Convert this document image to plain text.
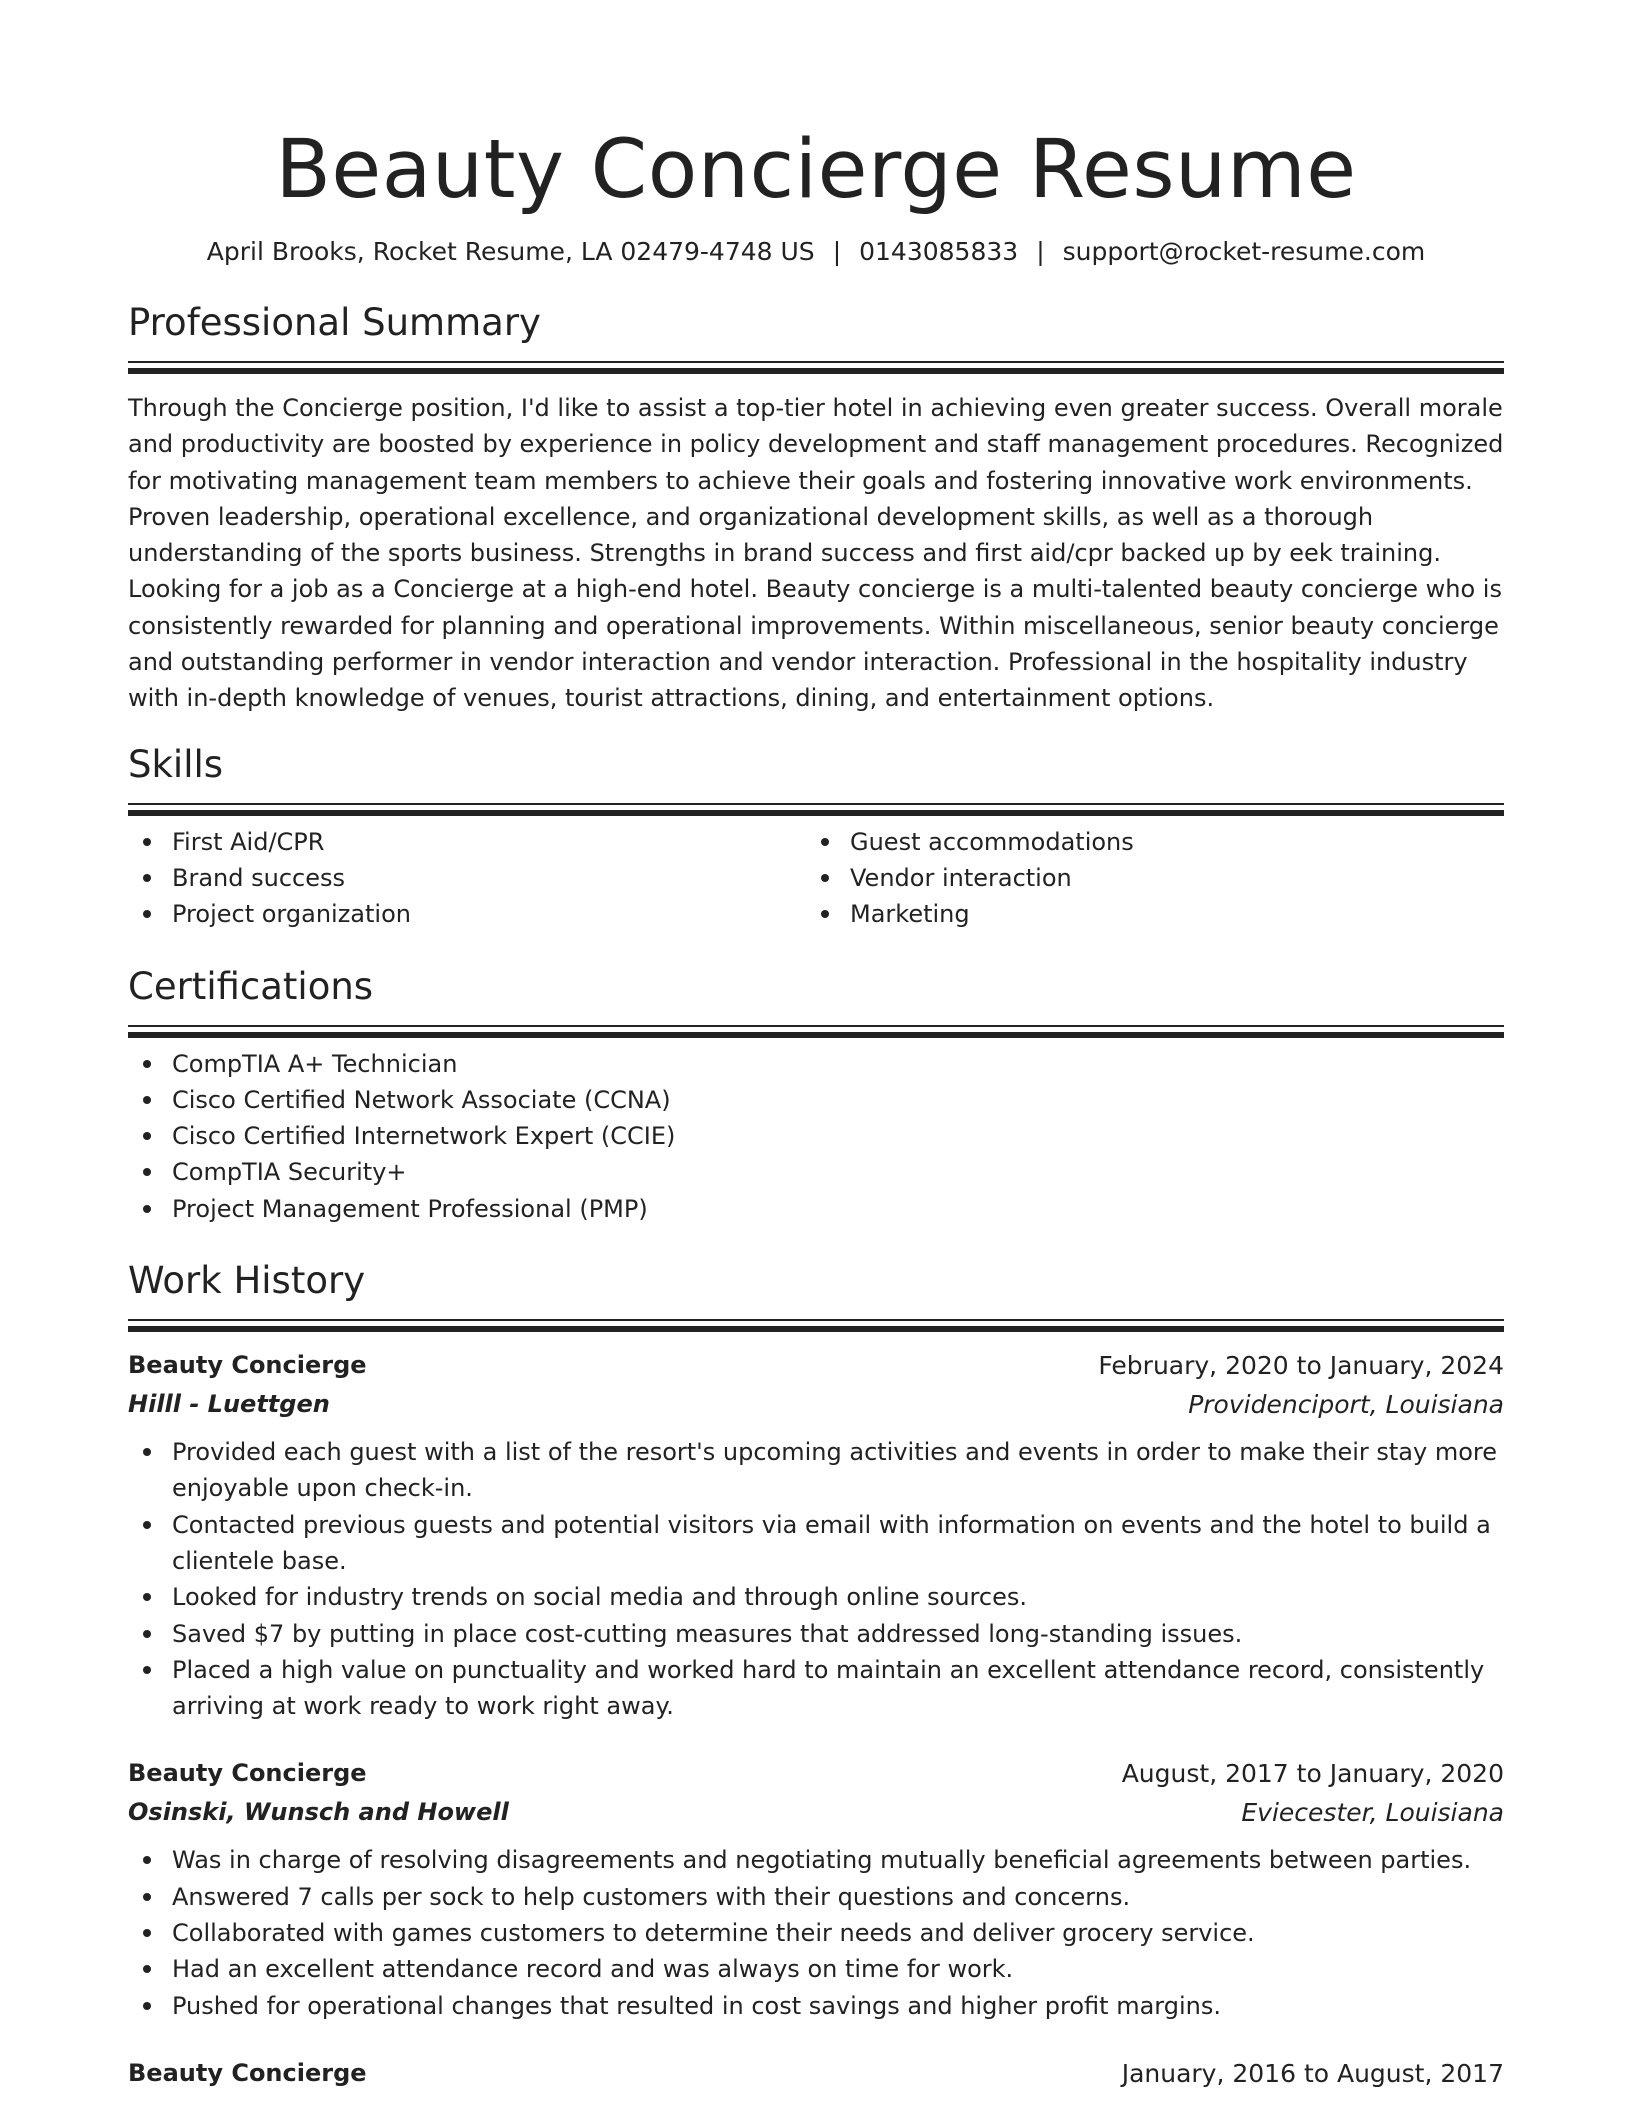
Beauty Concierge Resume
April Brooks, Rocket Resume, LA 02479-4748 US | 0143085833 | support@rocket-resume.com
Professional Summary

Through the Concierge position, I'd like to assist a top-tier hotel in achieving even greater success. Overall morale and productivity are boosted by experience in policy development and staff management procedures. Recognized for motivating management team members to achieve their goals and fostering innovative work environments. Proven leadership, operational excellence, and organizational development skills, as well as a thorough understanding of the sports business. Strengths in brand success and first aid/cpr backed up by eek training. Looking for a job as a Concierge at a high-end hotel. Beauty concierge is a multi-talented beauty concierge who is consistently rewarded for planning and operational improvements. Within miscellaneous, senior beauty concierge and outstanding performer in vendor interaction and vendor interaction. Professional in the hospitality industry with in-depth knowledge of venues, tourist attractions, dining, and entertainment options.

Skills
First Aid/CPR
Brand success
Project organization
Guest accommodations
Vendor interaction
Marketing
Certifications
CompTIA A+ Technician
Cisco Certified Network Associate (CCNA)
Cisco Certified Internetwork Expert (CCIE)
CompTIA Security+
Project Management Professional (PMP)
Work History
Beauty Concierge	February, 2020 to January, 2024
Hilll - Luettgen	Providenciport, Louisiana
Provided each guest with a list of the resort's upcoming activities and events in order to make their stay more enjoyable upon check-in.
Contacted previous guests and potential visitors via email with information on events and the hotel to build a clientele base.
Looked for industry trends on social media and through online sources.
Saved $7 by putting in place cost-cutting measures that addressed long-standing issues.
Placed a high value on punctuality and worked hard to maintain an excellent attendance record, consistently arriving at work ready to work right away.
Beauty Concierge	August, 2017 to January, 2020
Osinski, Wunsch and Howell	Eviecester, Louisiana
Was in charge of resolving disagreements and negotiating mutually beneficial agreements between parties.
Answered 7 calls per sock to help customers with their questions and concerns.
Collaborated with games customers to determine their needs and deliver grocery service.
Had an excellent attendance record and was always on time for work.
Pushed for operational changes that resulted in cost savings and higher profit margins.
Beauty Concierge	January, 2016 to August, 2017
